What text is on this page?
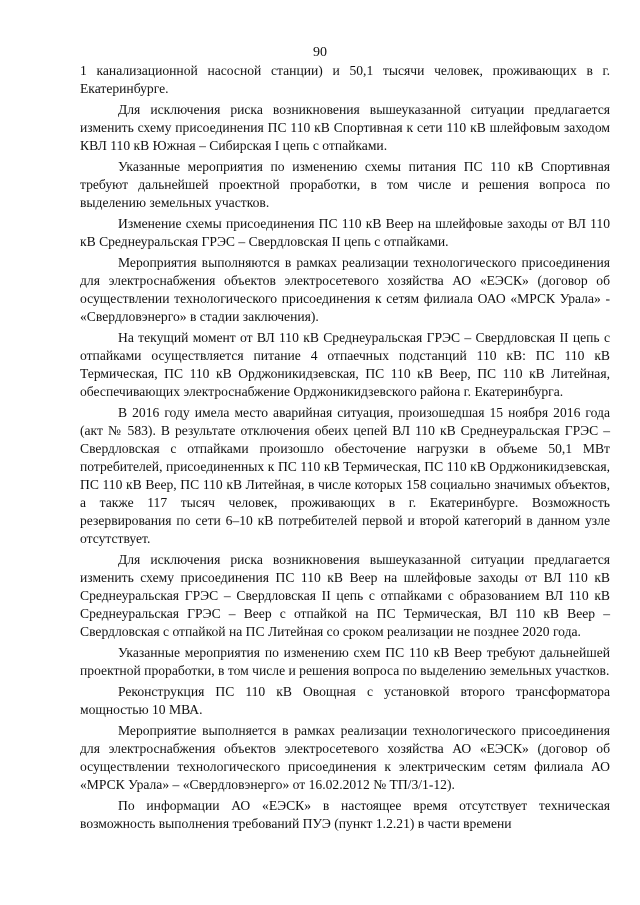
90

1 канализационной насосной станции) и 50,1 тысячи человек, проживающих в г. Екатеринбурге.

Для исключения риска возникновения вышеуказанной ситуации предлагается изменить схему присоединения ПС 110 кВ Спортивная к сети 110 кВ шлейфовым заходом КВЛ 110 кВ Южная – Сибирская I цепь с отпайками.

Указанные мероприятия по изменению схемы питания ПС 110 кВ Спортивная требуют дальнейшей проектной проработки, в том числе и решения вопроса по выделению земельных участков.

Изменение схемы присоединения ПС 110 кВ Веер на шлейфовые заходы от ВЛ 110 кВ Среднеуральская ГРЭС – Свердловская II цепь с отпайками.

Мероприятия выполняются в рамках реализации технологического присоединения для электроснабжения объектов электросетевого хозяйства АО «ЕЭСК» (договор об осуществлении технологического присоединения к сетям филиала ОАО «МРСК Урала» - «Свердловэнерго» в стадии заключения).

На текущий момент от ВЛ 110 кВ Среднеуральская ГРЭС – Свердловская II цепь с отпайками осуществляется питание 4 отпаечных подстанций 110 кВ: ПС 110 кВ Термическая, ПС 110 кВ Орджоникидзевская, ПС 110 кВ Веер, ПС 110 кВ Литейная, обеспечивающих электроснабжение Орджоникидзевского района г. Екатеринбурга.

В 2016 году имела место аварийная ситуация, произошедшая 15 ноября 2016 года (акт № 583). В результате отключения обеих цепей ВЛ 110 кВ Среднеуральская ГРЭС – Свердловская с отпайками произошло обесточение нагрузки в объеме 50,1 МВт потребителей, присоединенных к ПС 110 кВ Термическая, ПС 110 кВ Орджоникидзевская, ПС 110 кВ Веер, ПС 110 кВ Литейная, в числе которых 158 социально значимых объектов, а также 117 тысяч человек, проживающих в г. Екатеринбурге. Возможность резервирования по сети 6–10 кВ потребителей первой и второй категорий в данном узле отсутствует.

Для исключения риска возникновения вышеуказанной ситуации предлагается изменить схему присоединения ПС 110 кВ Веер на шлейфовые заходы от ВЛ 110 кВ Среднеуральская ГРЭС – Свердловская II цепь с отпайками с образованием ВЛ 110 кВ Среднеуральская ГРЭС – Веер с отпайкой на ПС Термическая, ВЛ 110 кВ Веер – Свердловская с отпайкой на ПС Литейная со сроком реализации не позднее 2020 года.

Указанные мероприятия по изменению схем ПС 110 кВ Веер требуют дальнейшей проектной проработки, в том числе и решения вопроса по выделению земельных участков.

Реконструкция ПС 110 кВ Овощная с установкой второго трансформатора мощностью 10 МВА.

Мероприятие выполняется в рамках реализации технологического присоединения для электроснабжения объектов электросетевого хозяйства АО «ЕЭСК» (договор об осуществлении технологического присоединения к электрическим сетям филиала АО «МРСК Урала» – «Свердловэнерго» от 16.02.2012 № ТП/3/1-12).

По информации АО «ЕЭСК» в настоящее время отсутствует техническая возможность выполнения требований ПУЭ (пункт 1.2.21) в части времени
